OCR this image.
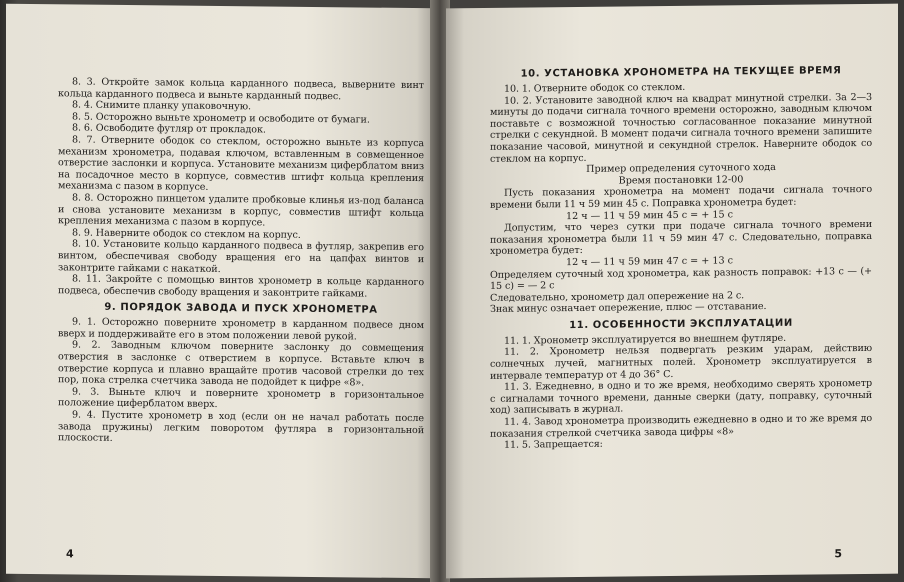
8. 3. Откройте замок кольца карданного подвеса, выверните винт кольца карданного подвеса и выньте карданный подвес.

8. 4. Снимите планку упаковочную.

8. 5. Осторожно выньте хронометр и освободите от бумаги.

8. 6. Освободите футляр от прокладок.

8. 7. Отверните ободок со стеклом, осторожно выньте из корпуса механизм хронометра, подавая ключом, вставленным в совмещенное отверстие заслонки и корпуса. Установите механизм циферблатом вниз на посадочное место в корпусе, совместив штифт кольца крепления механизма с пазом в корпусе.

8. 8. Осторожно пинцетом удалите пробковые клинья из-под баланса и снова установите механизм в корпус, совместив штифт кольца крепления механизма с пазом в корпусе.

8. 9. Наверните ободок со стеклом на корпус.

8. 10. Установите кольцо карданного подвеса в футляр, закрепив его винтом, обеспечивая свободу вращения его на цапфах винтов и законтрите гайками с накаткой.

8. 11. Закройте с помощью винтов хронометр в кольце карданного подвеса, обеспечив свободу вращения и законтрите гайками.

9. ПОРЯДОК ЗАВОДА И ПУСК ХРОНОМЕТРА

9. 1. Осторожно поверните хронометр в карданном подвесе дном вверх и поддерживайте его в этом положении левой рукой.

9. 2. Заводным ключом поверните заслонку до совмещения отверстия в заслонке с отверстием в корпусе. Вставьте ключ в отверстие корпуса и плавно вращайте против часовой стрелки до тех пор, пока стрелка счетчика завода не подойдет к цифре «8».

9. 3. Выньте ключ и поверните хронометр в горизонтальное положение циферблатом вверх.

9. 4. Пустите хронометр в ход (если он не начал работать после завода пружины) легким поворотом футляра в горизонтальной плоскости.

4
10. УСТАНОВКА ХРОНОМЕТРА НА ТЕКУЩЕЕ ВРЕМЯ

10. 1. Отверните ободок со стеклом.

10. 2. Установите заводной ключ на квадрат минутной стрелки. За 2—3 минуты до подачи сигнала точного времени осторожно, заводным ключом поставьте с возможной точностью согласованное показание минутной стрелки с секундной. В момент подачи сигнала точного времени запишите показание часовой, минутной и секундной стрелок. Наверните ободок со стеклом на корпус.

Пример определения суточного хода

Время постановки 12-00

Пусть показания хронометра на момент подачи сигнала точного времени были 11 ч 59 мин 45 с. Поправка хронометра будет:

12 ч — 11 ч 59 мин 45 с = + 15 с

Допустим, что через сутки при подаче сигнала точного времени показания хронометра были 11 ч 59 мин 47 с. Следовательно, поправка хронометра будет:

12 ч — 11 ч 59 мин 47 с = + 13 с

Определяем суточный ход хронометра, как разность поправок: +13 с — (+ 15 с) = — 2 с

Следовательно, хронометр дал опережение на 2 с.

Знак минус означает опережение, плюс — отставание.

11. ОСОБЕННОСТИ ЭКСПЛУАТАЦИИ

11. 1. Хронометр эксплуатируется во внешнем футляре.

11. 2. Хронометр нельзя подвергать резким ударам, действию солнечных лучей, магнитных полей. Хронометр эксплуатируется в интервале температур от 4 до 36° С.

11. 3. Ежедневно, в одно и то же время, необходимо сверять хронометр с сигналами точного времени, данные сверки (дату, поправку, суточный ход) записывать в журнал.

11. 4. Завод хронометра производить ежедневно в одно и то же время до показания стрелкой счетчика завода цифры «8»

11. 5. Запрещается:

5
